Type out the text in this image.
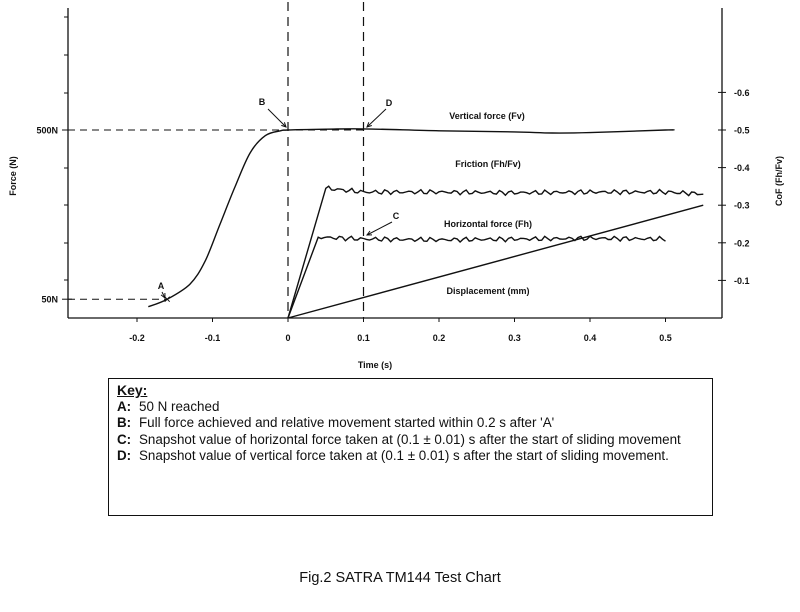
-0.2	-0.1	0	0.1	0.2	0.3	0.4	0.5
-0.1
-0.2
-0.3
-0.4
-0.5
-0.6
500N
50N
Vertical force (Fv)
Friction (Fh/Fv)
Horizontal force (Fh)
Displacement (mm)
A
B
C
D
Time (s)
Force (N)	CoF (Fh/Fv)
Key:
A: 50 N reached
B: Full force achieved and relative movement started within 0.2 s after 'A'
C: Snapshot value of horizontal force taken at (0.1 ± 0.01) s after the start of sliding movement
D: Snapshot value of vertical force taken at (0.1 ± 0.01) s after the start of sliding movement.
Fig.2 SATRA TM144 Test Chart
